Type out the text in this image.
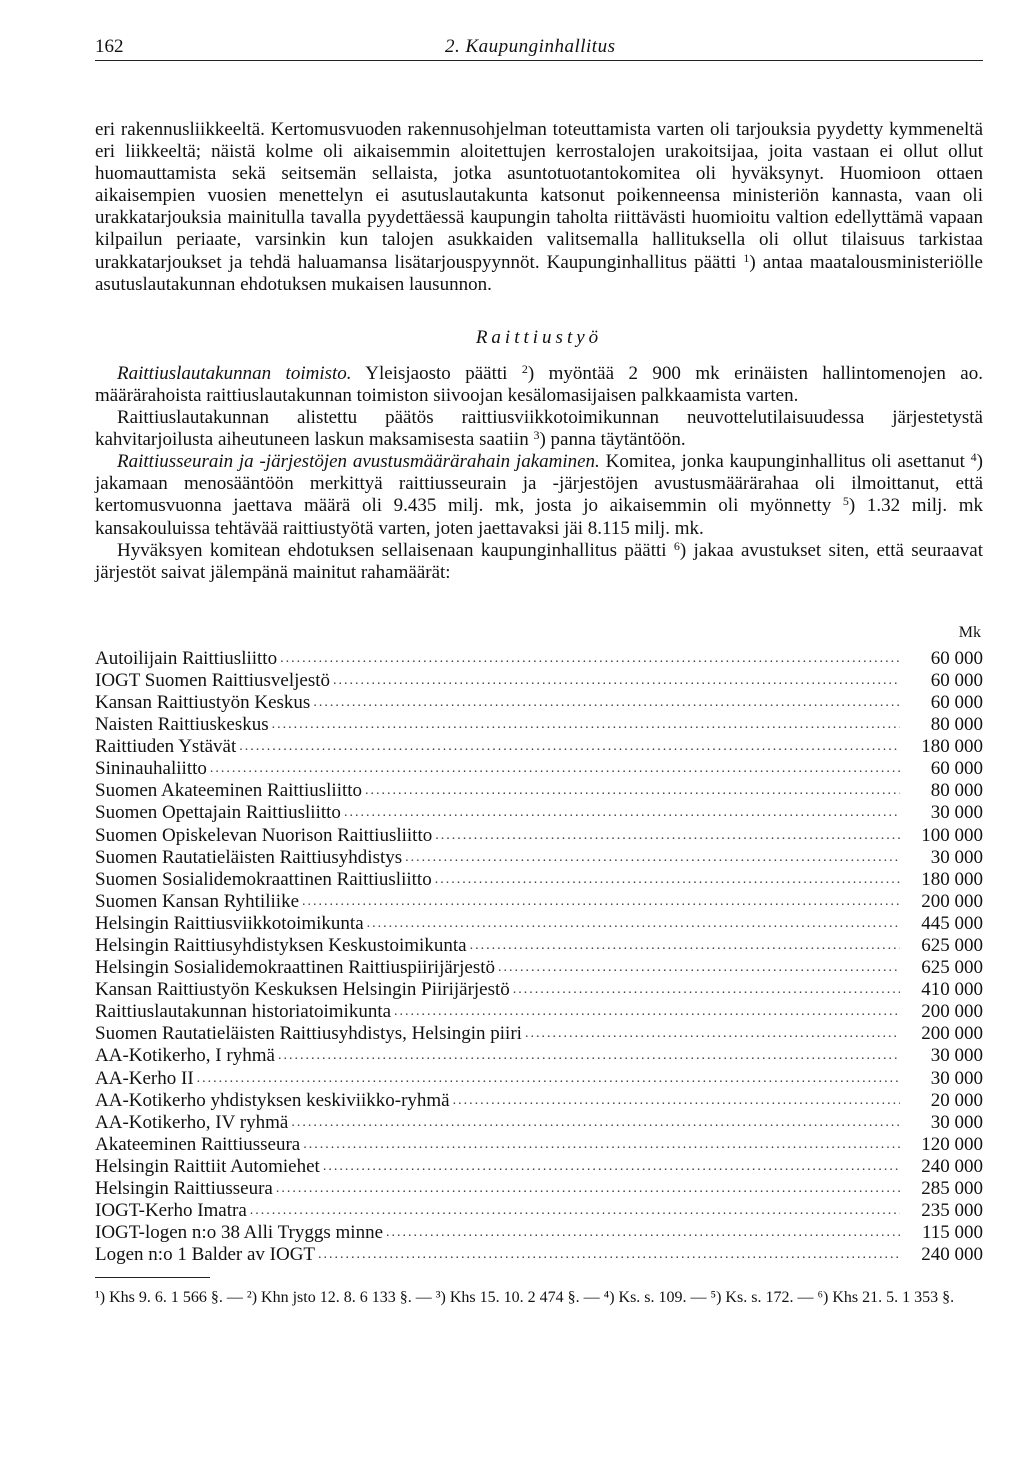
162	2. Kaupunginhallitus

eri rakennusliikkeeltä. Kertomusvuoden rakennusohjelman toteuttamista varten oli tarjouksia pyydetty kymmeneltä eri liikkeeltä; näistä kolme oli aikaisemmin aloitettujen kerrostalojen urakoitsijaa, joita vastaan ei ollut ollut huomauttamista sekä seitsemän sellaista, jotka asuntotuotantokomitea oli hyväksynyt. Huomioon ottaen aikaisempien vuosien menettelyn ei asutuslautakunta katsonut poikenneensa ministeriön kannasta, vaan oli urakkatarjouksia mainitulla tavalla pyydettäessä kaupungin taholta riittävästi huomioitu valtion edellyttämä vapaan kilpailun periaate, varsinkin kun talojen asukkaiden valitsemalla hallituksella oli ollut tilaisuus tarkistaa urakkatarjoukset ja tehdä haluamansa lisätarjouspyynnöt. Kaupunginhallitus päätti $^1$) antaa maatalousministeriölle asutuslautakunnan ehdotuksen mukaisen lausunnon.

Raittiustyö

Raittiuslautakunnan toimisto. Yleisjaosto päätti $^2$) myöntää 2 900 mk erinäisten hallintomenojen ao. määrärahoista raittiuslautakunnan toimiston siivoojan kesälomasijaisen palkkaamista varten.

Raittiuslautakunnan alistettu päätös raittiusviikkotoimikunnan neuvottelutilaisuudessa järjestetystä kahvitarjoilusta aiheutuneen laskun maksamisesta saatiin $^3$) panna täytäntöön.

Raittiusseurain ja -järjestöjen avustusmäärärahain jakaminen. Komitea, jonka kaupunginhallitus oli asettanut $^4$) jakamaan menosääntöön merkittyä raittiusseurain ja -järjestöjen avustusmäärärahaa oli ilmoittanut, että kertomusvuonna jaettava määrä oli 9.435 milj. mk, josta jo aikaisemmin oli myönnetty $^5$) 1.32 milj. mk kansakouluissa tehtävää raittiustyötä varten, joten jaettavaksi jäi 8.115 milj. mk.

Hyväksyen komitean ehdotuksen sellaisenaan kaupunginhallitus päätti $^6$) jakaa avustukset siten, että seuraavat järjestöt saivat jälempänä mainitut rahamäärät:

Mk
Autoilijain Raittiusliitto .....	60 000
IOGT Suomen Raittiusveljestö .....	60 000
Kansan Raittiustyön Keskus .....	60 000
Naisten Raittiuskeskus .....	80 000
Raittiuden Ystävät .....	180 000
Sininauhaliitto .....	60 000
Suomen Akateeminen Raittiusliitto .....	80 000
Suomen Opettajain Raittiusliitto .....	30 000
Suomen Opiskelevan Nuorison Raittiusliitto .....	100 000
Suomen Rautatieläisten Raittiusyhdistys .....	30 000
Suomen Sosialidemokraattinen Raittiusliitto .....	180 000
Suomen Kansan Ryhtiliike .....	200 000
Helsingin Raittiusviikkotoimikunta .....	445 000
Helsingin Raittiusyhdistyksen Keskustoimikunta .....	625 000
Helsingin Sosialidemokraattinen Raittiuspiirijärjestö .....	625 000
Kansan Raittiustyön Keskuksen Helsingin Piirijärjestö .....	410 000
Raittiuslautakunnan historiatoimikunta .....	200 000
Suomen Rautatieläisten Raittiusyhdistys, Helsingin piiri .....	200 000
AA-Kotikerho, I ryhmä .....	30 000
AA-Kerho II .....	30 000
AA-Kotikerho yhdistyksen keskiviikko-ryhmä .....	20 000
AA-Kotikerho, IV ryhmä .....	30 000
Akateeminen Raittiusseura .....	120 000
Helsingin Raittiit Automiehet .....	240 000
Helsingin Raittiusseura .....	285 000
IOGT-Kerho Imatra .....	235 000
IOGT-logen n:o 38 Alli Tryggs minne .....	115 000
Logen n:o 1 Balder av IOGT .....	240 000
¹) Khs 9. 6. 1 566 §. — ²) Khn jsto 12. 8. 6 133 §. — ³) Khs 15. 10. 2 474 §. — ⁴) Ks. s. 109. — ⁵) Ks. s. 172. — ⁶) Khs 21. 5. 1 353 §.
